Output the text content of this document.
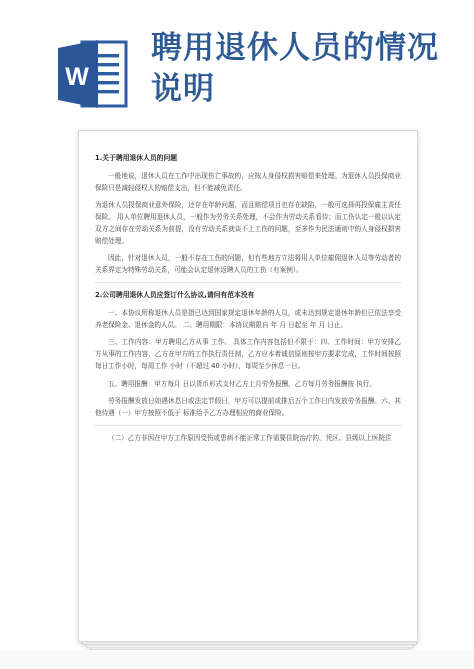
W
聘用退休人员的情况说明
1.关于聘用退休人员的问题
一般地说，退休人员在工作中出现伤亡事故的，应按人身侵权损害赔偿来处理。为退休人员投保商业保险只是减轻侵权人的赔偿支出，但不能减免责任。
为退休人员投保商业意外保险，还存在年龄问题，而且赔偿项目也存在缺陷，一般可选择再投保雇主责任保险。 用人单位聘用退休人员，一般作为劳务关系处理，不会作为劳动关系看待；而工伤认定一般以认定双方之间存在劳动关系为前提，没有劳动关系就谈不上工伤的问题，至多作为民法通则中的人身侵权损害赔偿处理。
因此，针对退休人员，一般不存在工伤的问题，但有些地方立法将用人单位雇佣退休人员等劳动者的关系界定为特殊劳动关系，可能会认定退休返聘人员的工伤（有案例）。
2.公司聘用退休人员应签订什么协议,请问有范本没有
一、本协议所称退休人员是指已达到国家规定退休年龄的人员，或未达到规定退休年龄但已依法享受养老保险金、退休金的人员。 二、聘用期限：本协议期限自 年 月 日起至 年 月 日止。
三、工作内容：甲方聘用乙方从事 工作。 具体工作内容包括但不限于：四、工作时间：甲方安排乙方从事的工作内容，乙方在甲方的工作执行责任制，乙方应本着诚信原则按甲方要求完成，工作时间按照每日工作小时，每周工作 小时（不超过 40 小时），每周至少休息一日。
五、聘用报酬：甲方每月 日以货币形式支付乙方上月劳务报酬，乙方每月劳务报酬按 执行。
劳务报酬发放日如遇休息日或法定节假日，甲方可以提前或推后五个工作日内发放劳务报酬。六、其他待遇（一）甲方按照不低于 标准给予乙方办理相应的商业保险。
（二）乙方非因在甲方工作原因受伤或患病不能正常工作需要住院治疗的，凭区、县级以上医院住
